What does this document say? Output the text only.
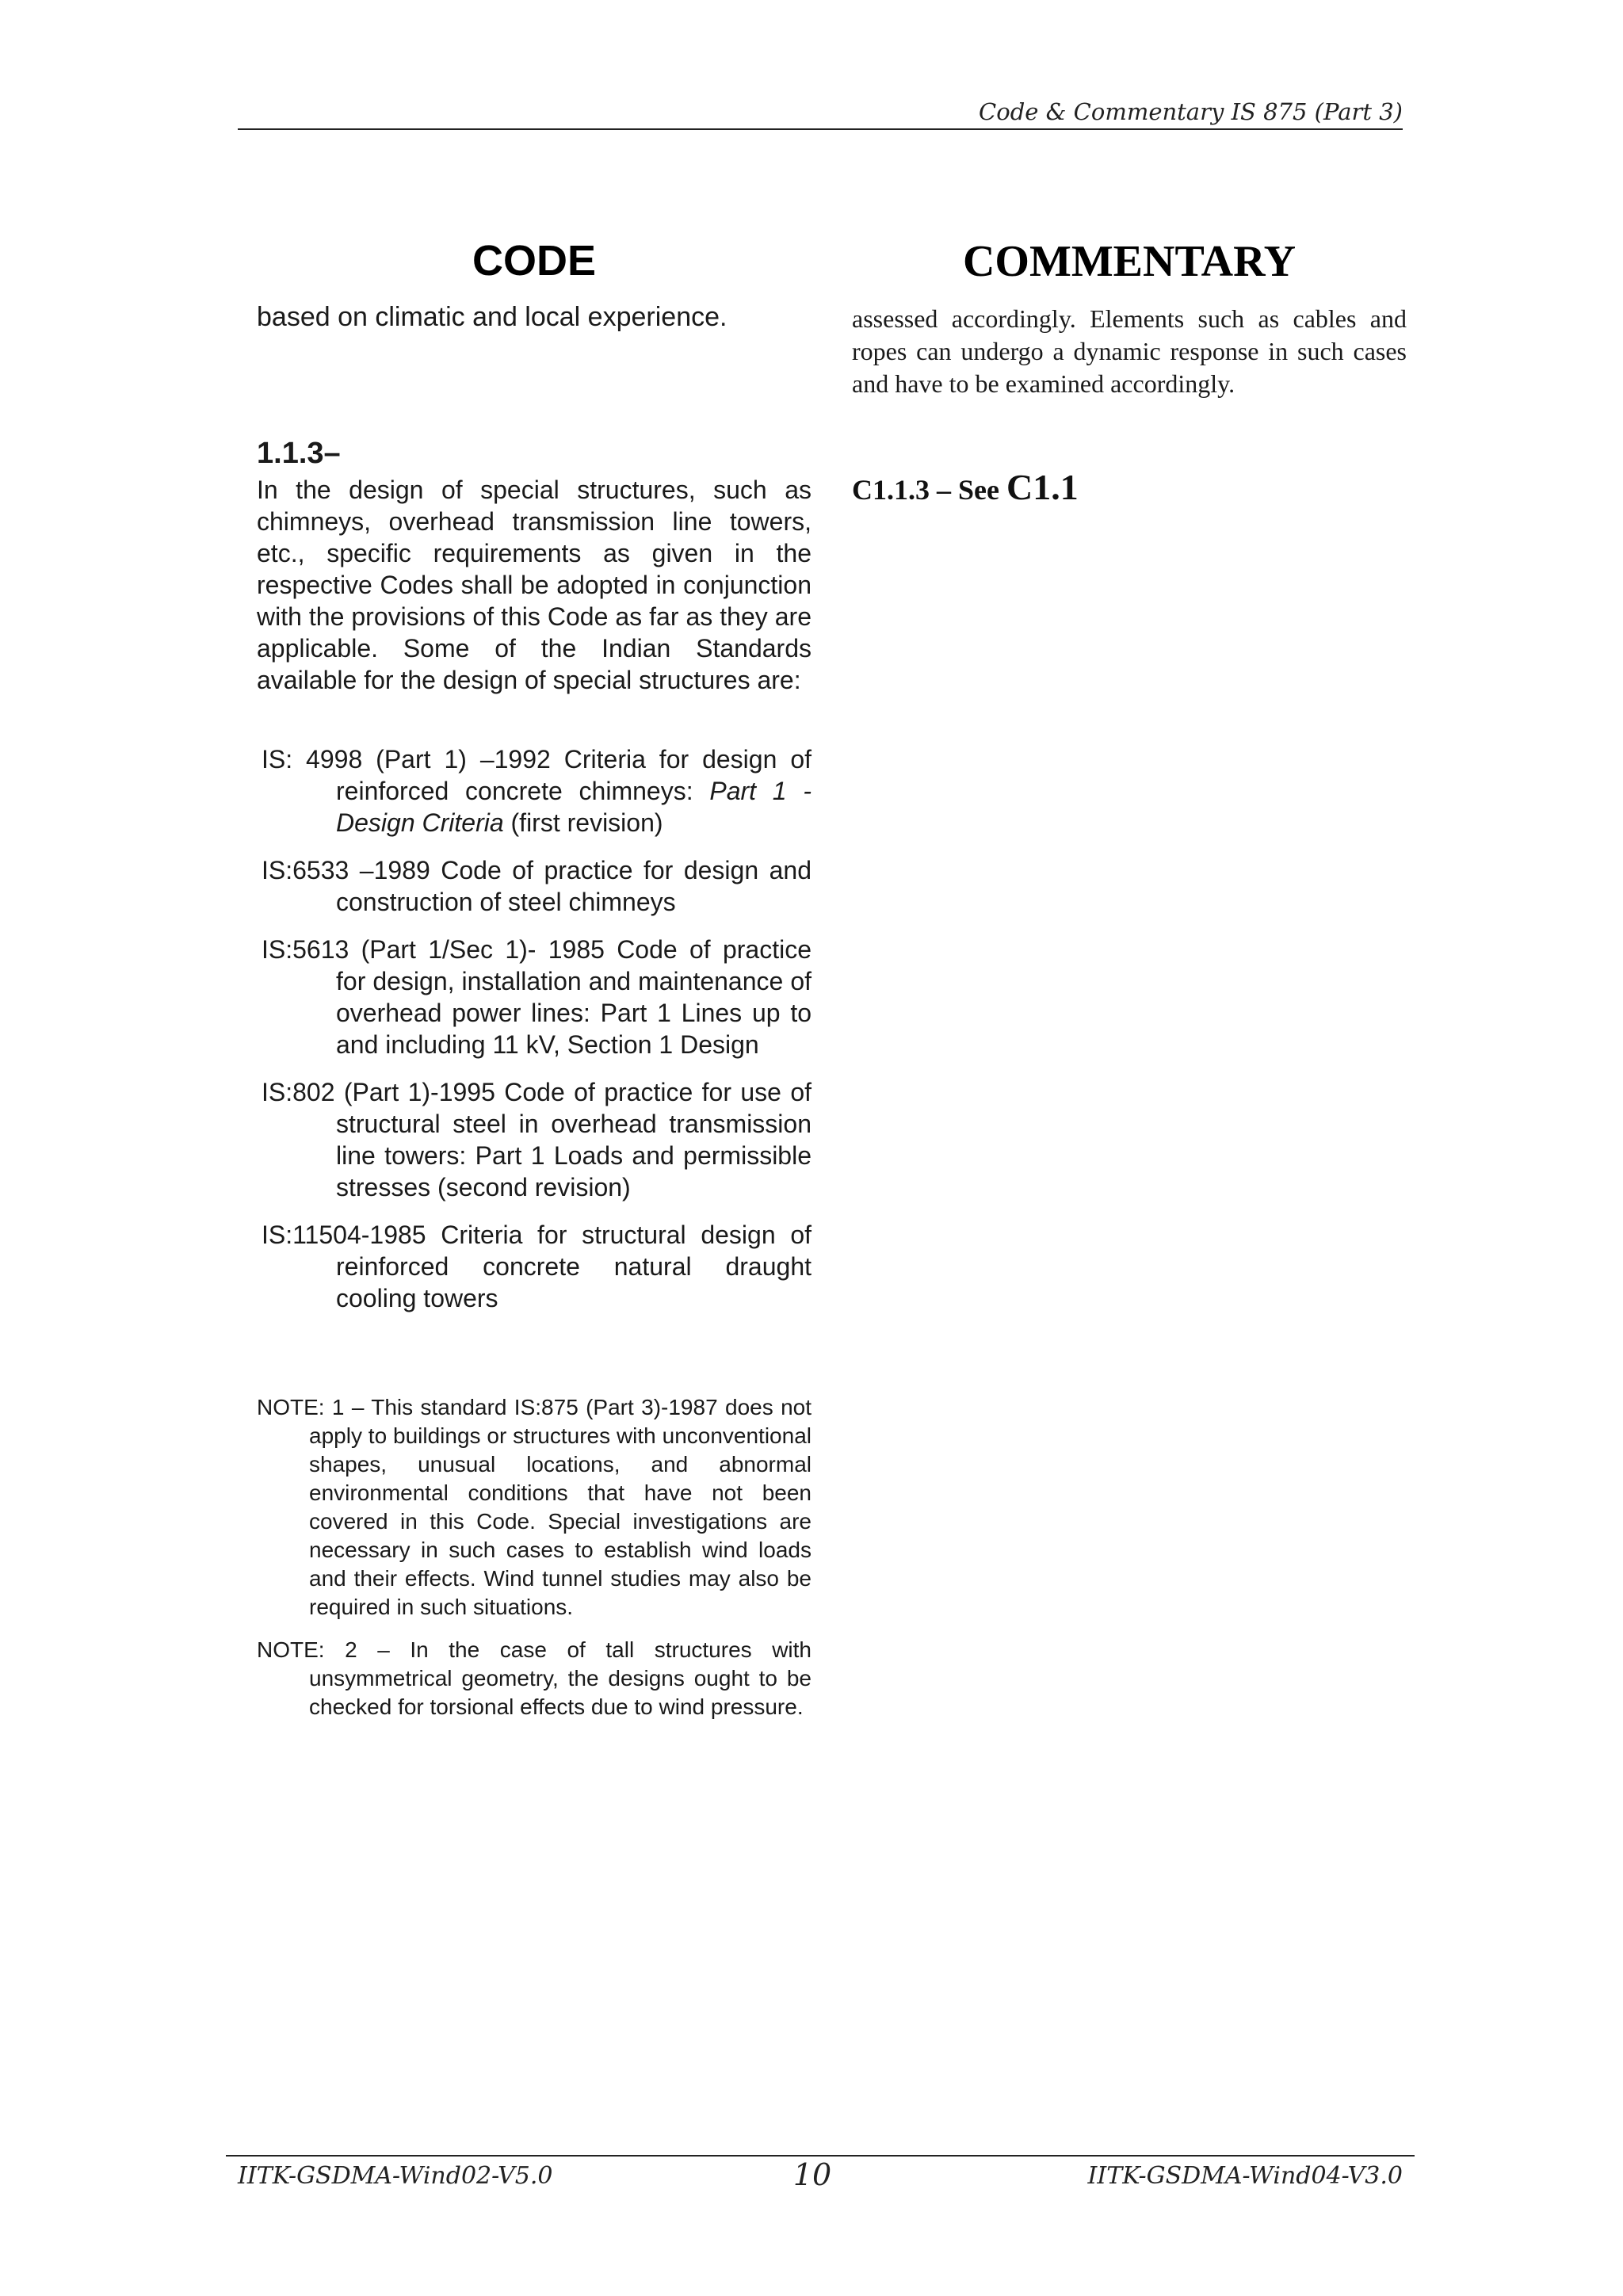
Code & Commentary IS 875 (Part 3)
CODE	COMMENTARY
based on climatic and local experience.
1.1.3–
In the design of special structures, such as chimneys, overhead transmission line towers, etc., specific requirements as given in the respective Codes shall be adopted in conjunction with the provisions of this Code as far as they are applicable. Some of the Indian Standards available for the design of special structures are:
IS: 4998 (Part 1) –1992 Criteria for design of reinforced concrete chimneys: Part 1 - Design Criteria (first revision)
IS:6533 –1989 Code of practice for design and construction of steel chimneys
IS:5613 (Part 1/Sec 1)- 1985 Code of practice for design, installation and maintenance of overhead power lines: Part 1 Lines up to and including 11 kV, Section 1 Design
IS:802 (Part 1)-1995 Code of practice for use of structural steel in overhead transmission line towers: Part 1 Loads and permissible stresses (second revision)
IS:11504-1985 Criteria for structural design of reinforced concrete natural draught cooling towers
NOTE: 1 – This standard IS:875 (Part 3)-1987 does not apply to buildings or structures with unconventional shapes, unusual locations, and abnormal environmental conditions that have not been covered in this Code. Special investigations are necessary in such cases to establish wind loads and their effects. Wind tunnel studies may also be required in such situations.
NOTE: 2 – In the case of tall structures with unsymmetrical geometry, the designs ought to be checked for torsional effects due to wind pressure.
assessed accordingly. Elements such as cables and ropes can undergo a dynamic response in such cases and have to be examined accordingly.
C1.1.3 – See C1.1
IITK-GSDMA-Wind02-V5.0	10	IITK-GSDMA-Wind04-V3.0
